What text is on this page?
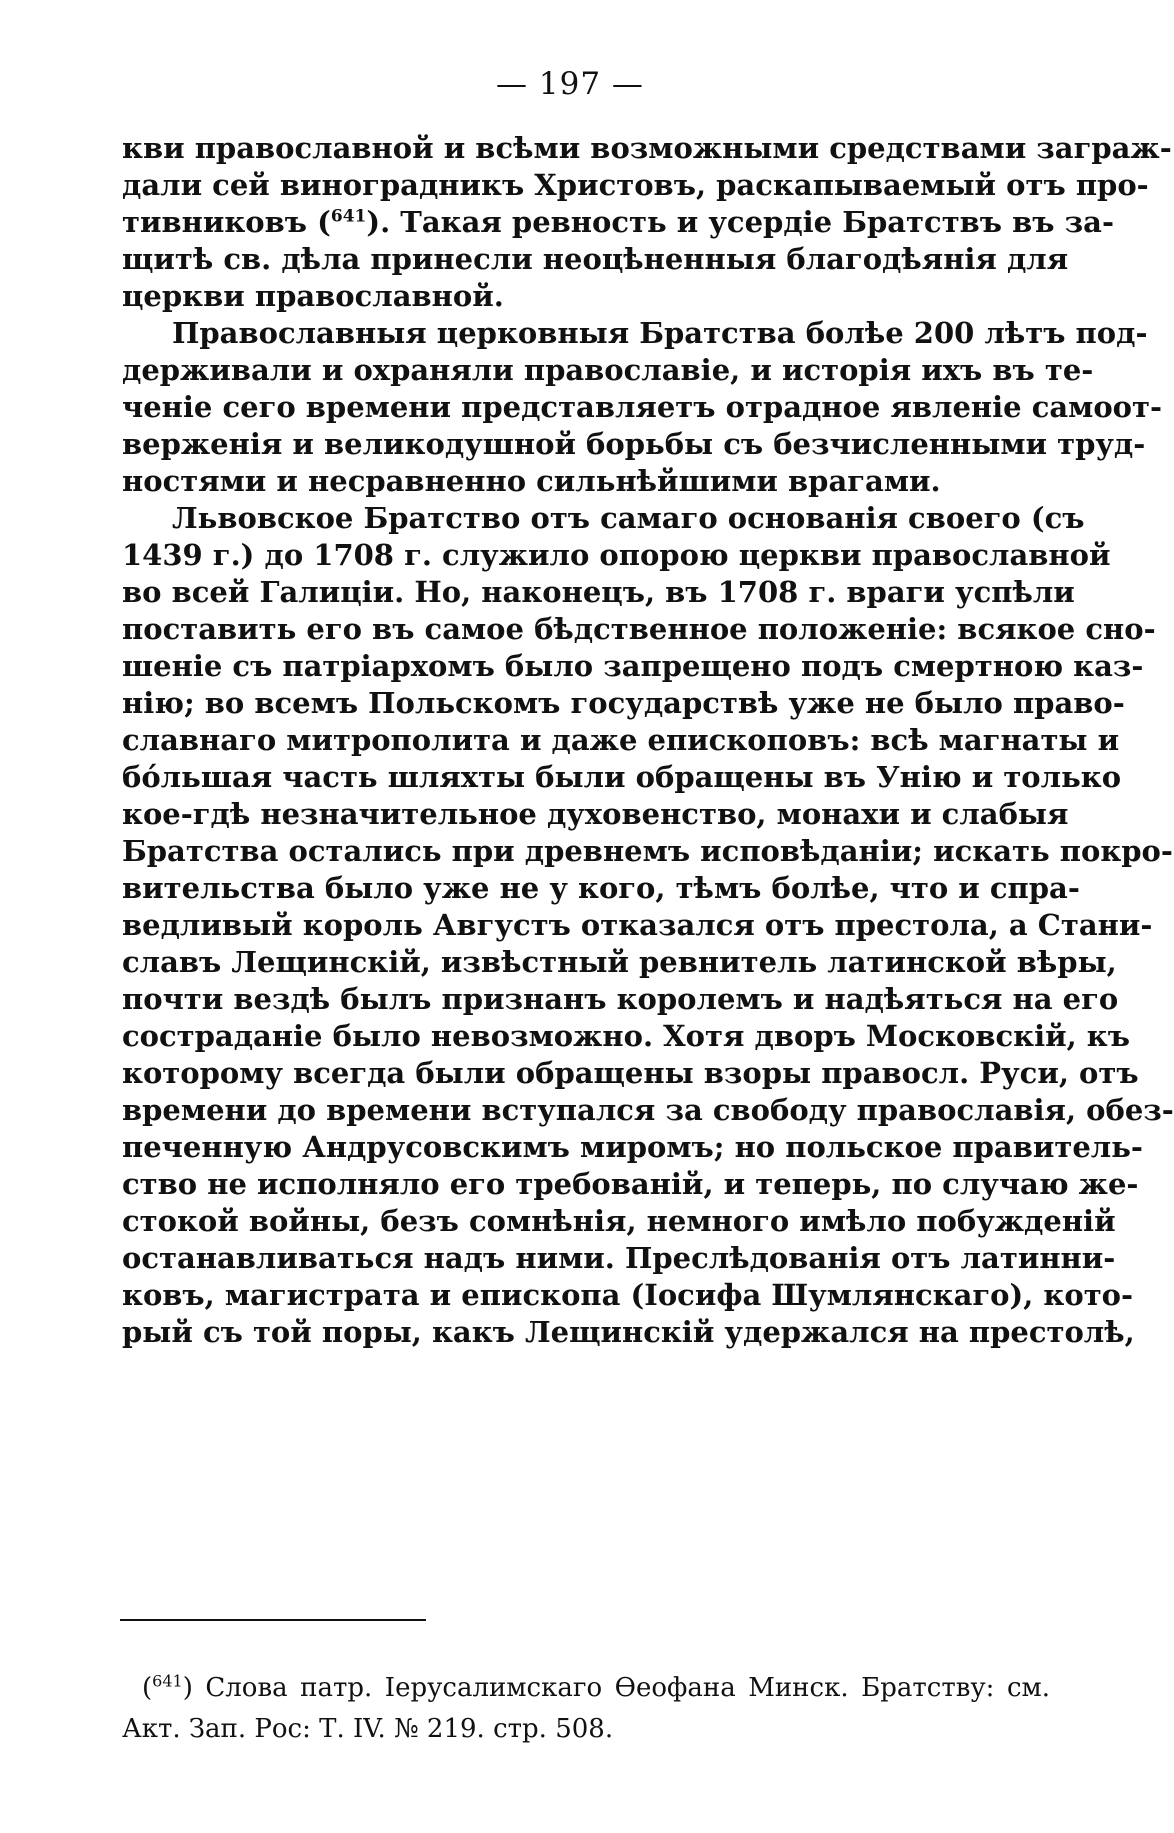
— 197 —
кви православной и всѣми возможными средствами заграж-
дали сей виноградникъ Христовъ, раскапываемый отъ про-
тивниковъ ($^{641}$). Такая ревность и усердіе Братствъ въ за-
щитѣ св. дѣла принесли неоцѣненныя благодѣянія для
церкви православной.
Православныя церковныя Братства болѣе 200 лѣтъ под-
держивали и охраняли православіе, и исторія ихъ въ те-
ченіе сего времени представляетъ отрадное явленіе самоот-
верженія и великодушной борьбы съ безчисленными труд-
ностями и несравненно сильнѣйшими врагами.
Львовское Братство отъ самаго основанія своего (съ
1439 г.) до 1708 г. служило опорою церкви православной
во всей Галиціи. Но, наконецъ, въ 1708 г. враги успѣли
поставить его въ самое бѣдственное положеніе: всякое сно-
шеніе съ патріархомъ было запрещено подъ смертною каз-
нію; во всемъ Польскомъ государствѣ уже не было право-
славнаго митрополита и даже епископовъ: всѣ магнаты и
бóльшая часть шляхты были обращены въ Унію и только
кое-гдѣ незначительное духовенство, монахи и слабыя
Братства остались при древнемъ исповѣданіи; искать покро-
вительства было уже не у кого, тѣмъ болѣе, что и спра-
ведливый король Августъ отказался отъ престола, а Стани-
славъ Лещинскій, извѣстный ревнитель латинской вѣры,
почти вездѣ былъ признанъ королемъ и надѣяться на его
состраданіе было невозможно. Хотя дворъ Московскій, къ
которому всегда были обращены взоры правосл. Руси, отъ
времени до времени вступался за свободу православія, обез-
печенную Андрусовскимъ миромъ; но польское правитель-
ство не исполняло его требованій, и теперь, по случаю же-
стокой войны, безъ сомнѣнія, немного имѣло побужденій
останавливаться надъ ними. Преслѣдованія отъ латинни-
ковъ, магистрата и епископа (Іосифа Шумлянскаго), кото-
рый съ той поры, какъ Лещинскій удержался на престолѣ,
($^{641}$) Слова патр. Іерусалимскаго Ѳеофана Минск. Братству: см.
Акт. Зап. Рос: Т. IV. № 219. стр. 508.
